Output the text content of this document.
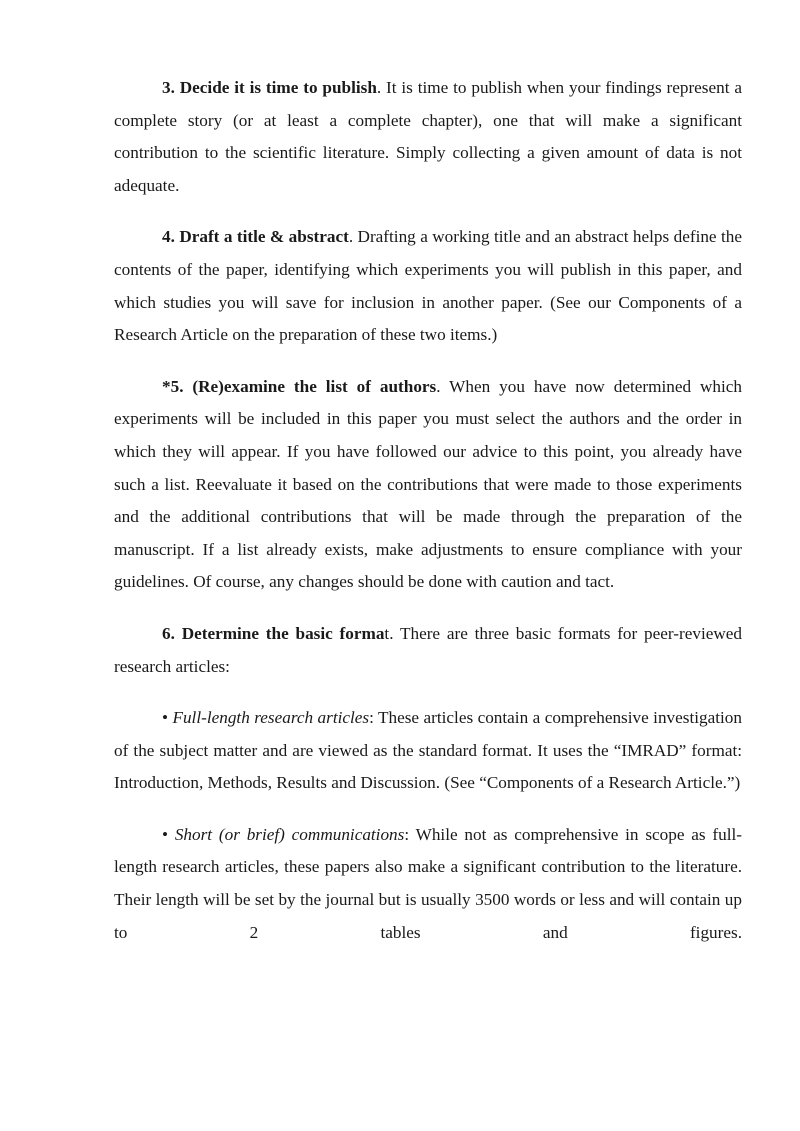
3. Decide it is time to publish. It is time to publish when your findings represent a complete story (or at least a complete chapter), one that will make a significant contribution to the scientific literature. Simply collecting a given amount of data is not adequate.

4. Draft a title & abstract. Drafting a working title and an abstract helps define the contents of the paper, identifying which experiments you will publish in this paper, and which studies you will save for inclusion in another paper. (See our Components of a Research Article on the preparation of these two items.)

*5. (Re)examine the list of authors. When you have now determined which experiments will be included in this paper you must select the authors and the order in which they will appear. If you have followed our advice to this point, you already have such a list. Reevaluate it based on the contributions that were made to those experiments and the additional contributions that will be made through the preparation of the manuscript. If a list already exists, make adjustments to ensure compliance with your guidelines. Of course, any changes should be done with caution and tact.

6. Determine the basic format. There are three basic formats for peer-reviewed research articles:

• Full-length research articles: These articles contain a comprehensive investigation of the subject matter and are viewed as the standard format. It uses the “IMRAD” format: Introduction, Methods, Results and Discussion. (See “Components of a Research Article.”)

• Short (or brief) communications: While not as comprehensive in scope as full-length research articles, these papers also make a significant contribution to the literature. Their length will be set by the journal but is usually 3500 words or less and will contain up to 2 tables and figures.
